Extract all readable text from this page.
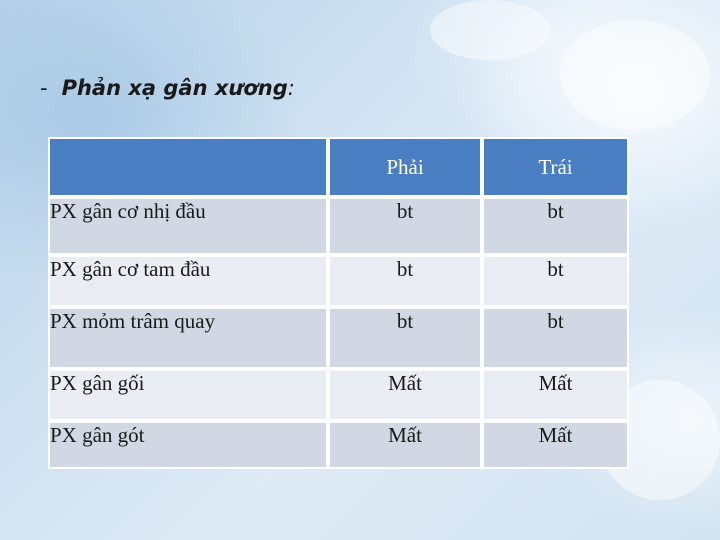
- Phản xạ gân xương:
	Phải	Trái
PX gân cơ nhị đầu	bt	bt
PX gân cơ tam đầu	bt	bt
PX mỏm trâm quay	bt	bt
PX gân gối	Mất	Mất
PX gân gót	Mất	Mất
